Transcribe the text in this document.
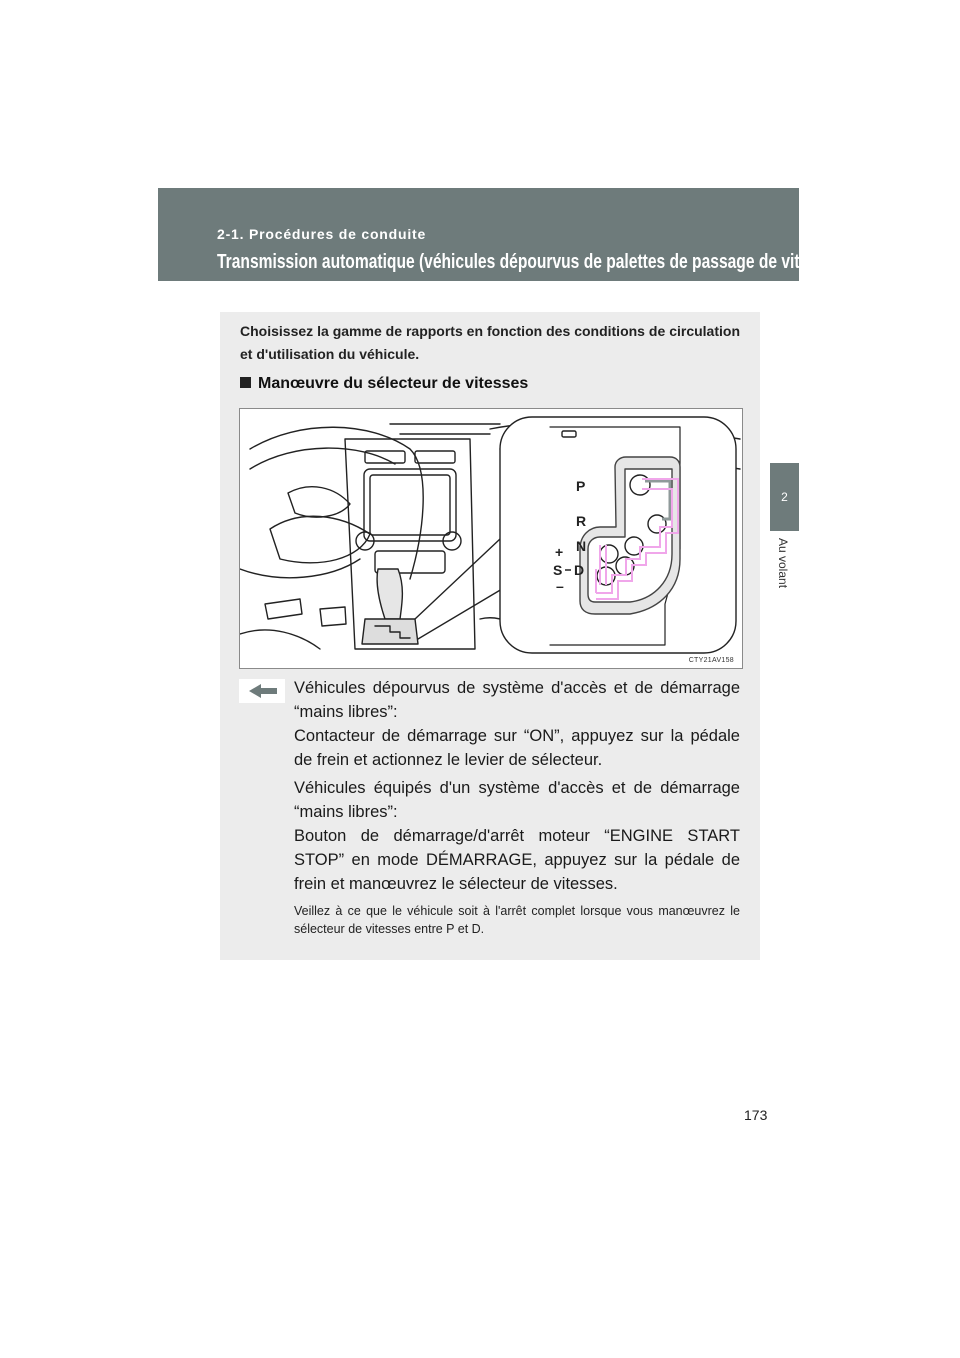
2-1. Procédures de conduite
Transmission automatique (véhicules dépourvus de palettes de passage de vitesse)
2
Au volant
Choisissez la gamme de rapports en fonction des conditions de circulation et d'utilisation du véhicule.
Manœuvre du sélecteur de vitesses
P
R
N
D
S
+
–
CTY21AV158

Véhicules dépourvus de système d'accès et de démarrage “mains libres”:

Contacteur de démarrage sur “ON”, appuyez sur la pédale de frein et actionnez le levier de sélecteur.

Véhicules équipés d'un système d'accès et de démarrage “mains libres”:

Bouton de démarrage/d'arrêt moteur “ENGINE START STOP” en mode DÉMARRAGE, appuyez sur la pédale de frein et manœuvrez le sélecteur de vitesses.

Veillez à ce que le véhicule soit à l'arrêt complet lorsque vous manœuvrez le sélecteur de vitesses entre P et D.
173
